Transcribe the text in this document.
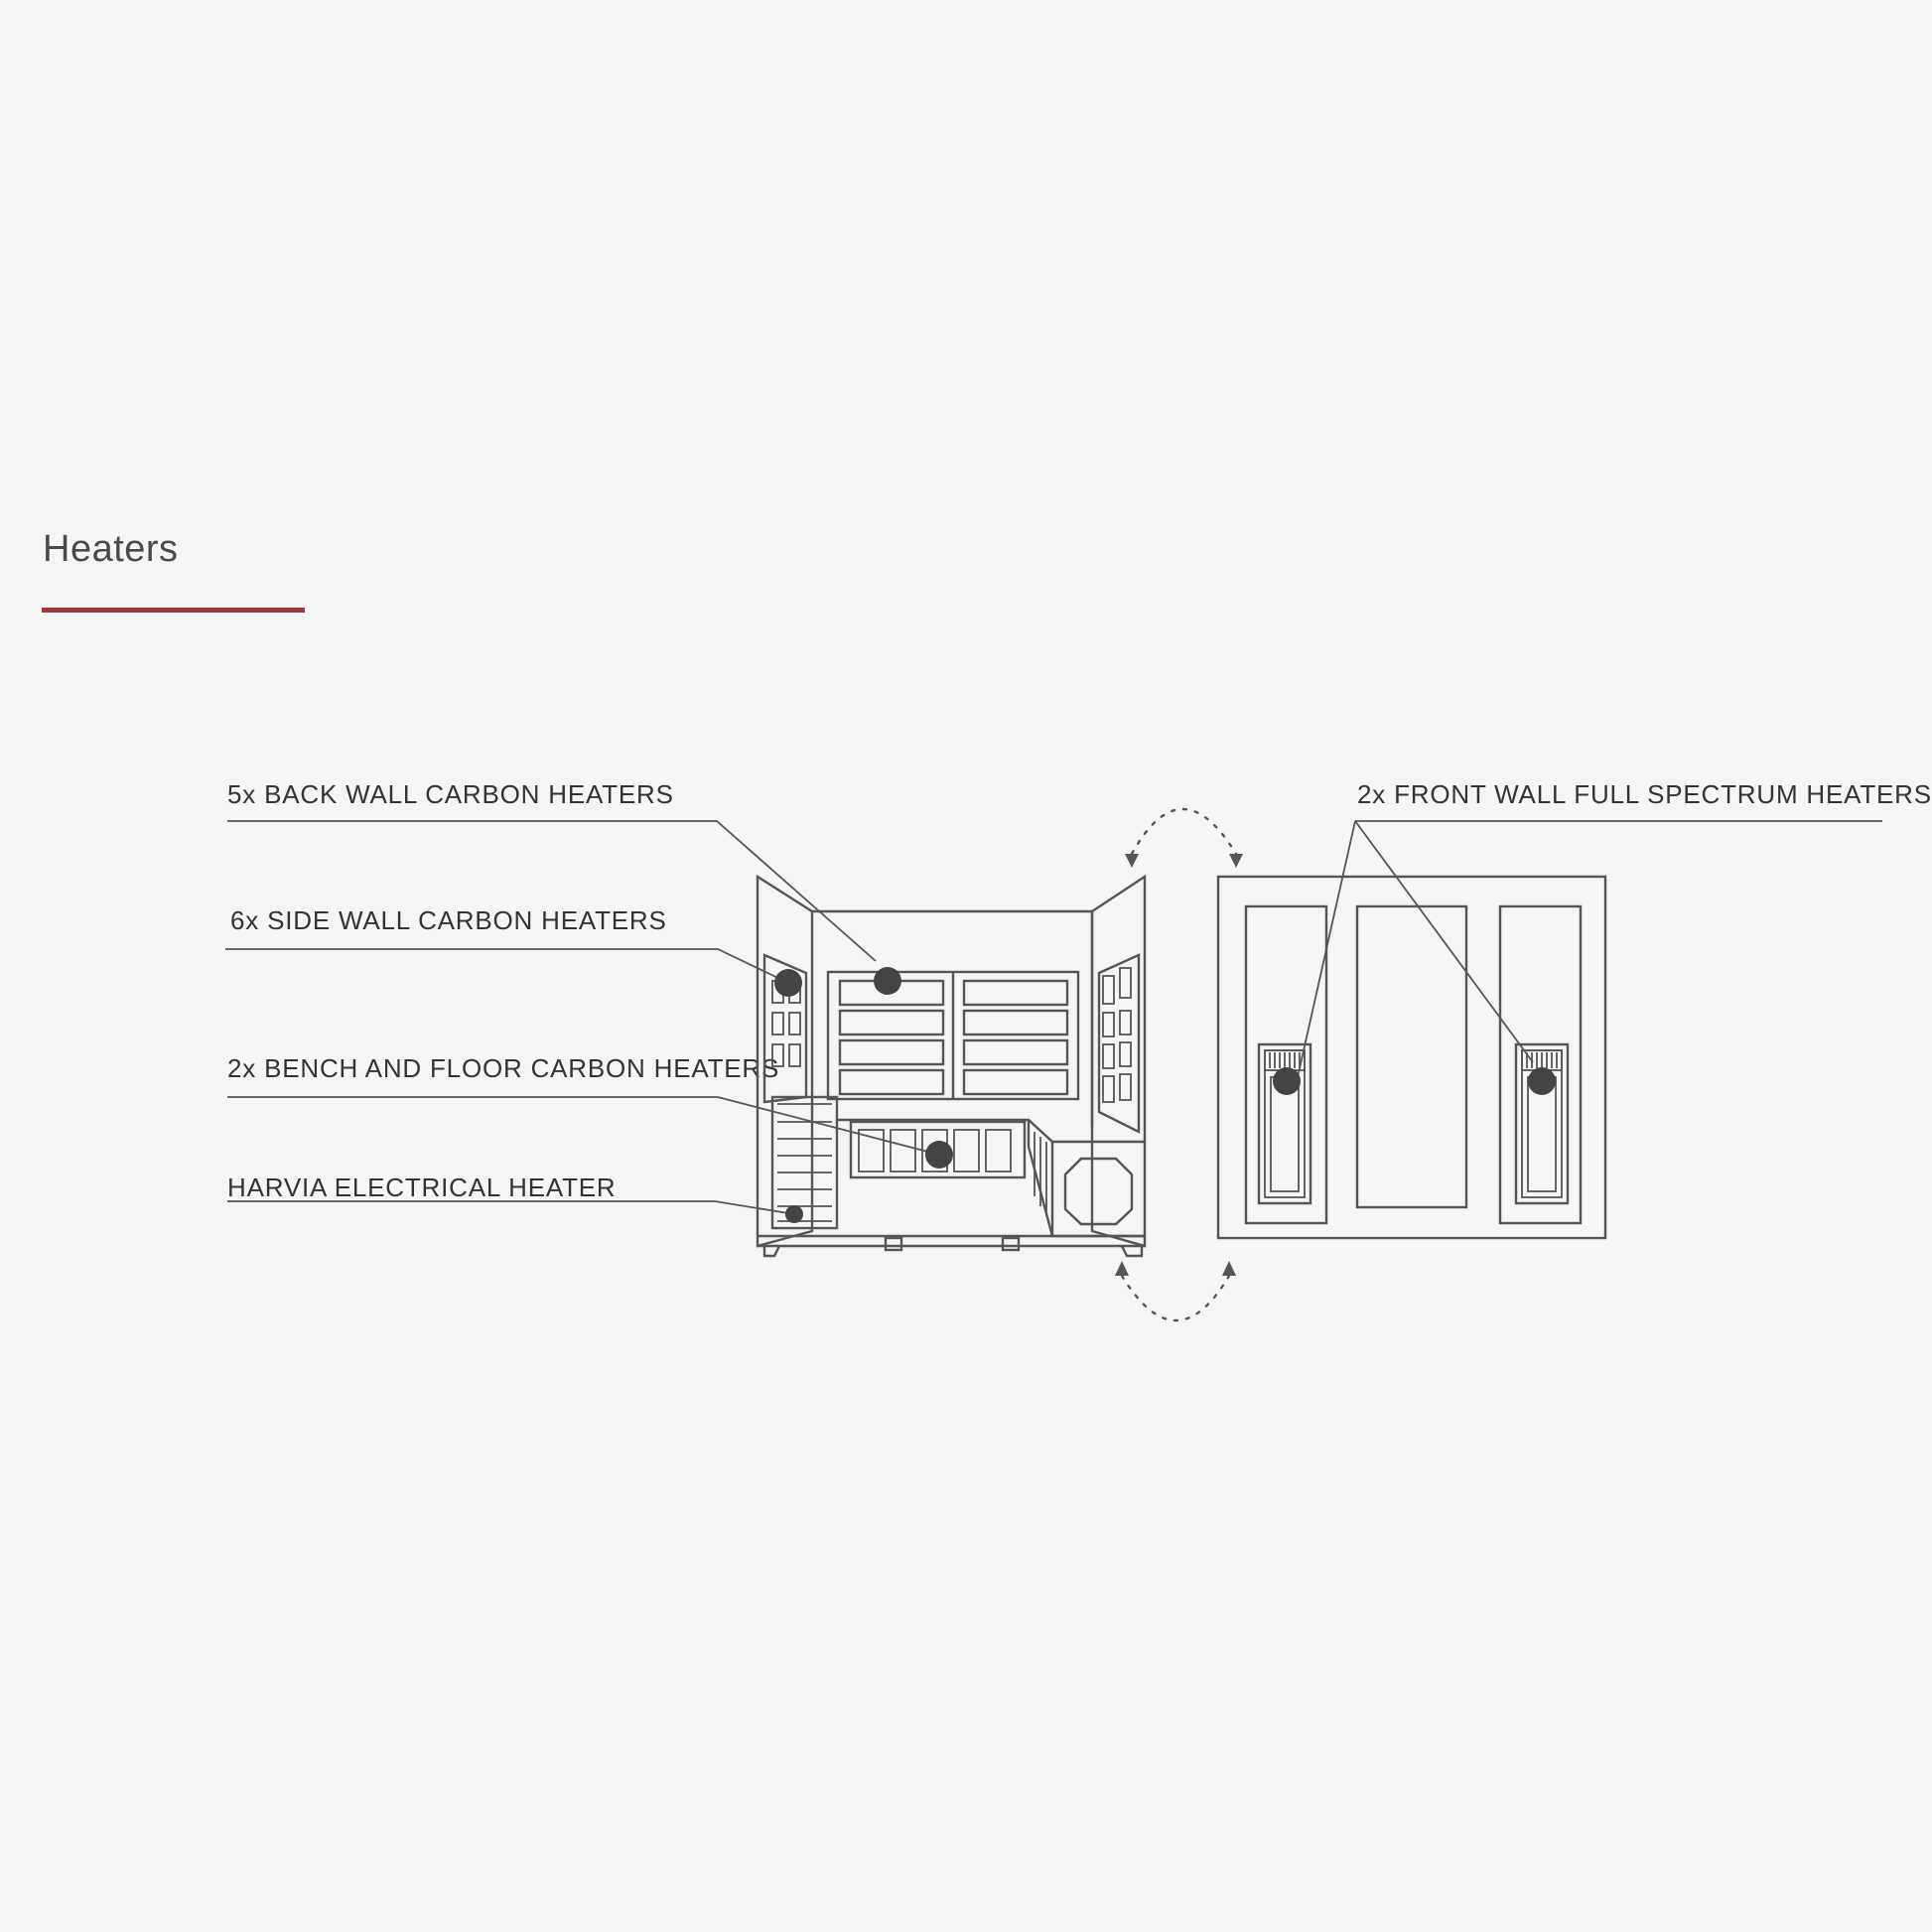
Heaters
5x BACK WALL CARBON HEATERS
6x SIDE WALL CARBON HEATERS
2x BENCH AND FLOOR CARBON HEATERS
HARVIA ELECTRICAL HEATER
2x FRONT WALL FULL SPECTRUM HEATERS
